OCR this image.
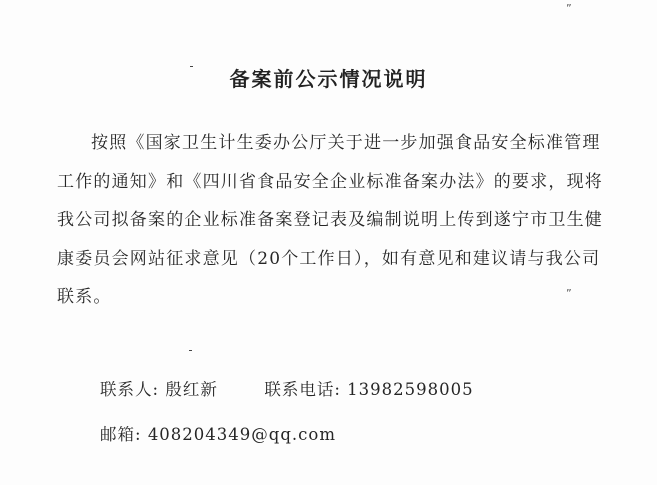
”
”
备案前公示情况说明

按照《国家卫生计生委办公厅关于进一步加强食品安全标准管理工作的通知》和《四川省食品安全企业标准备案办法》的要求，现将我公司拟备案的企业标准备案登记表及编制说明上传到遂宁市卫生健康委员会网站征求意见（20个工作日），如有意见和建议请与我公司联系。

联系人: 殷红新	联系电话: 13982598005
邮箱: 408204349@qq.com
